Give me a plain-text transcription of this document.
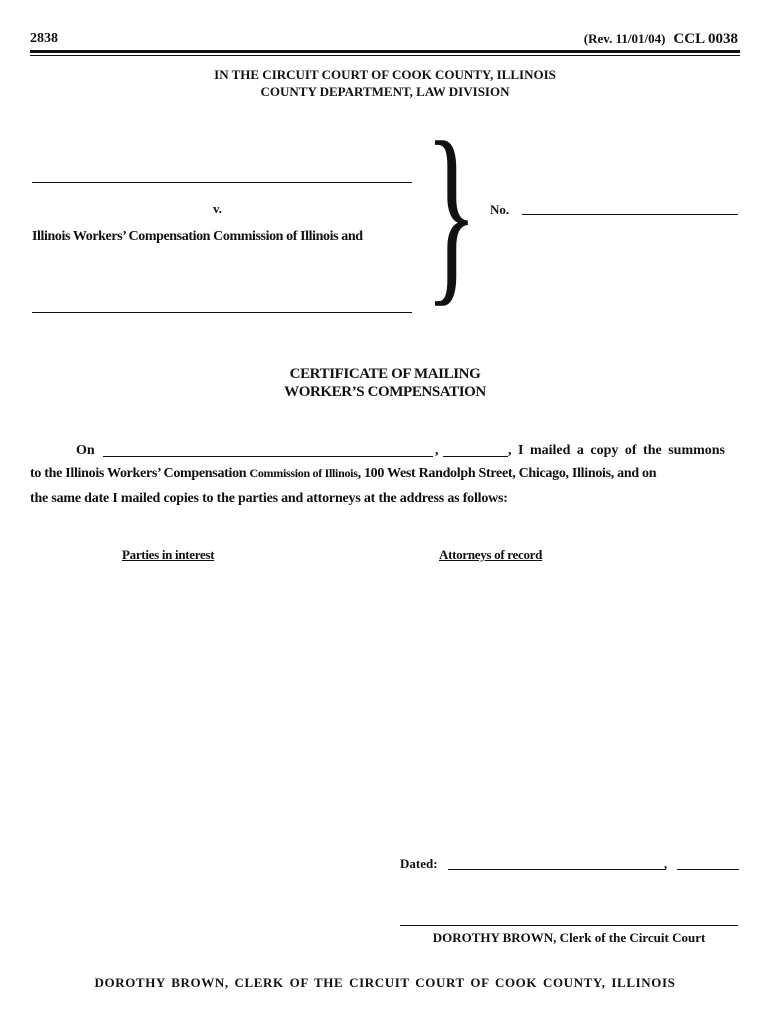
2838	(Rev. 11/01/04) CCL 0038
IN THE CIRCUIT COURT OF COOK COUNTY, ILLINOIS
COUNTY DEPARTMENT, LAW DIVISION
v.
Illinois Workers’ Compensation Commission of Illinois and } No.
CERTIFICATE OF MAILING
WORKER’S COMPENSATION
On	,	, I mailed a copy of the summons
to the Illinois Workers’ Compensation Commission of Illinois, 100 West Randolph Street, Chicago, Illinois, and on
the same date I mailed copies to the parties and attorneys at the address as follows:
Parties in interest	Attorneys of record
Dated:	,
DOROTHY BROWN, Clerk of the Circuit Court
DOROTHY BROWN, CLERK OF THE CIRCUIT COURT OF COOK COUNTY, ILLINOIS
